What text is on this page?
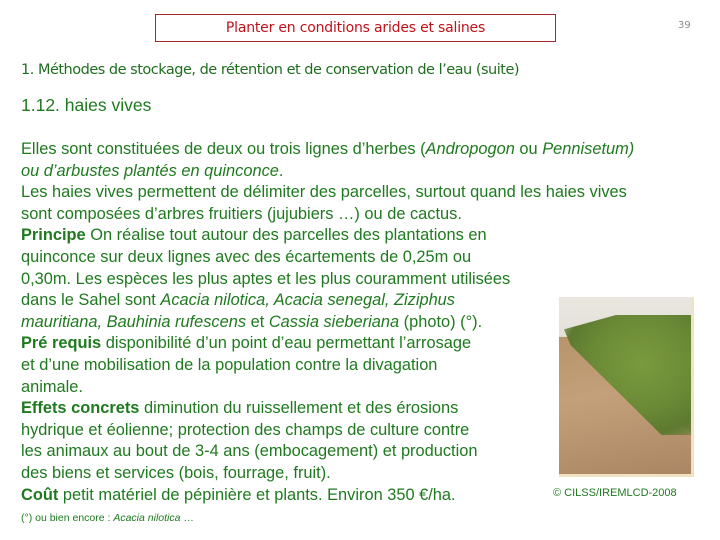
Planter en conditions arides et salines	39
1. Méthodes de stockage, de rétention et de conservation de l’eau (suite)
1.12. haies vives
Elles sont constituées de deux ou trois lignes d’herbes (Andropogon ou Pennisetum)
ou d’arbustes plantés en quinconce.
Les haies vives permettent de délimiter des parcelles, surtout quand les haies vives
sont composées d’arbres fruitiers (jujubiers …) ou de cactus.
Principe On réalise tout autour des parcelles des plantations en
quinconce sur deux lignes avec des écartements de 0,25m ou
0,30m. Les espèces les plus aptes et les plus couramment utilisées
dans le Sahel sont Acacia nilotica, Acacia senegal, Ziziphus
mauritiana, Bauhinia rufescens et Cassia sieberiana (photo) (°).
Pré requis disponibilité d’un point d’eau permettant l’arrosage
et d’une mobilisation de la population contre la divagation
animale.
Effets concrets diminution du ruissellement et des érosions
hydrique et éolienne; protection des champs de culture contre
les animaux au bout de 3-4 ans (embocagement) et production
des biens et services (bois, fourrage, fruit).
Coût petit matériel de pépinière et plants. Environ 350 €/ha.
(°) ou bien encore : Acacia nilotica …
© CILSS/IREMLCD-2008
